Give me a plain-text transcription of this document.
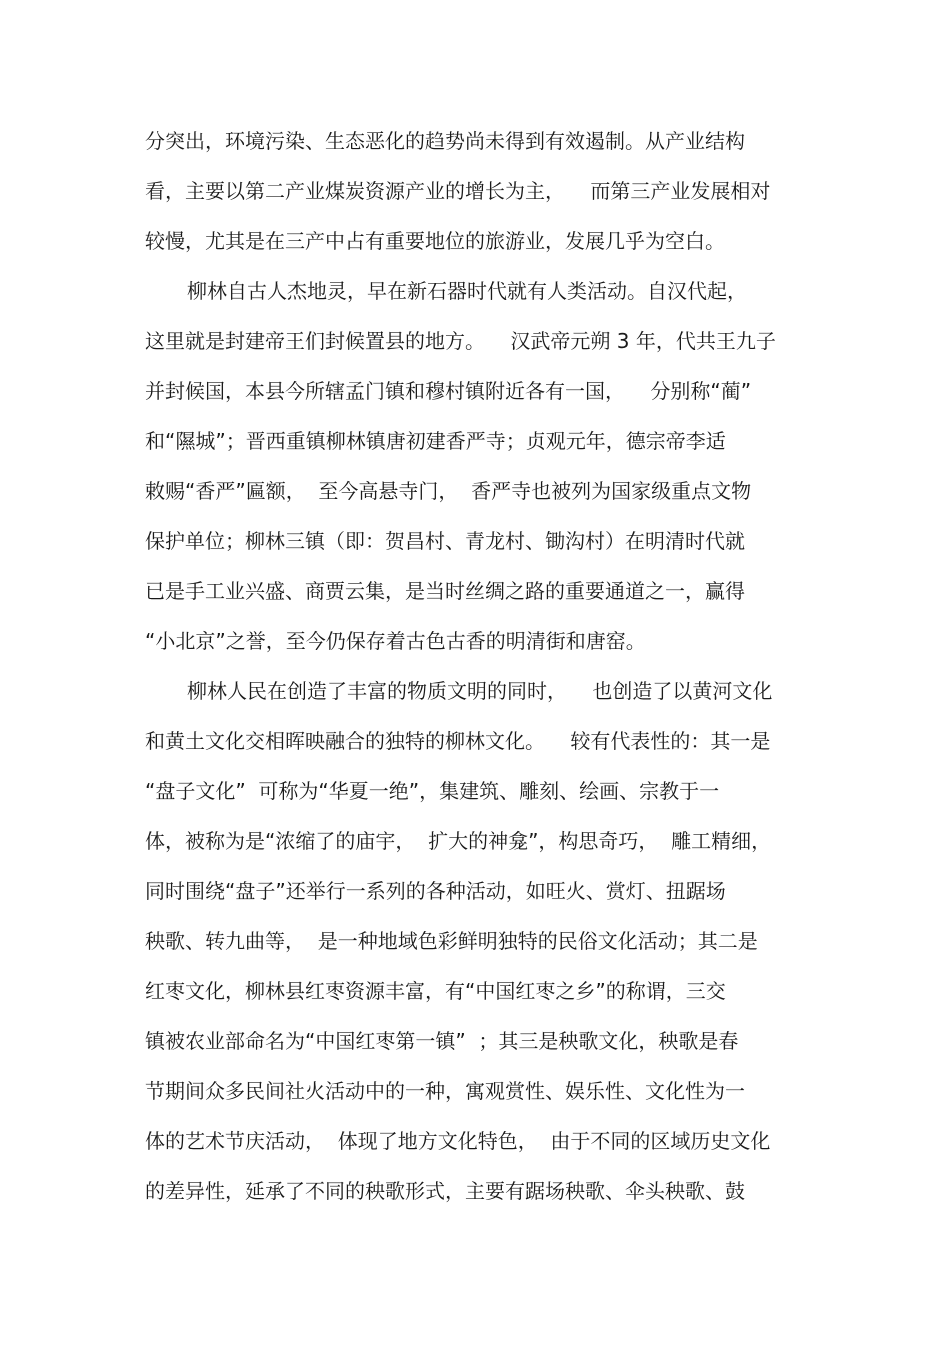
分突出，环境污染、生态恶化的趋势尚未得到有效遏制。从产业结构
看，主要以第二产业煤炭资源产业的增长为主，    而第三产业发展相对
较慢，尤其是在三产中占有重要地位的旅游业，发展几乎为空白。
柳林自古人杰地灵，早在新石器时代就有人类活动。自汉代起，
这里就是封建帝王们封候置县的地方。    汉武帝元朔 3 年，代共王九子
并封候国，本县今所辖孟门镇和穆村镇附近各有一国，    分别称“蔺”
和“隰城”；晋西重镇柳林镇唐初建香严寺；贞观元年，德宗帝李适
敕赐“香严”匾额，  至今高悬寺门，  香严寺也被列为国家级重点文物
保护单位；柳林三镇（即：贺昌村、青龙村、锄沟村）在明清时代就
已是手工业兴盛、商贾云集，是当时丝绸之路的重要通道之一，赢得
“小北京”之誉，至今仍保存着古色古香的明清街和唐窑。
柳林人民在创造了丰富的物质文明的同时，    也创造了以黄河文化
和黄土文化交相晖映融合的独特的柳林文化。    较有代表性的：其一是
“盘子文化”  可称为“华夏一绝”，集建筑、雕刻、绘画、宗教于一
体，被称为是“浓缩了的庙宇，  扩大的神龛”，构思奇巧，  雕工精细，
同时围绕“盘子”还举行一系列的各种活动，如旺火、赏灯、扭踞场
秧歌、转九曲等，  是一种地域色彩鲜明独特的民俗文化活动；其二是
红枣文化，柳林县红枣资源丰富，有“中国红枣之乡”的称谓，三交
镇被农业部命名为“中国红枣第一镇”  ；其三是秧歌文化，秧歌是春
节期间众多民间社火活动中的一种，寓观赏性、娱乐性、文化性为一
体的艺术节庆活动，  体现了地方文化特色，  由于不同的区域历史文化
的差异性，延承了不同的秧歌形式，主要有踞场秧歌、伞头秧歌、鼓
